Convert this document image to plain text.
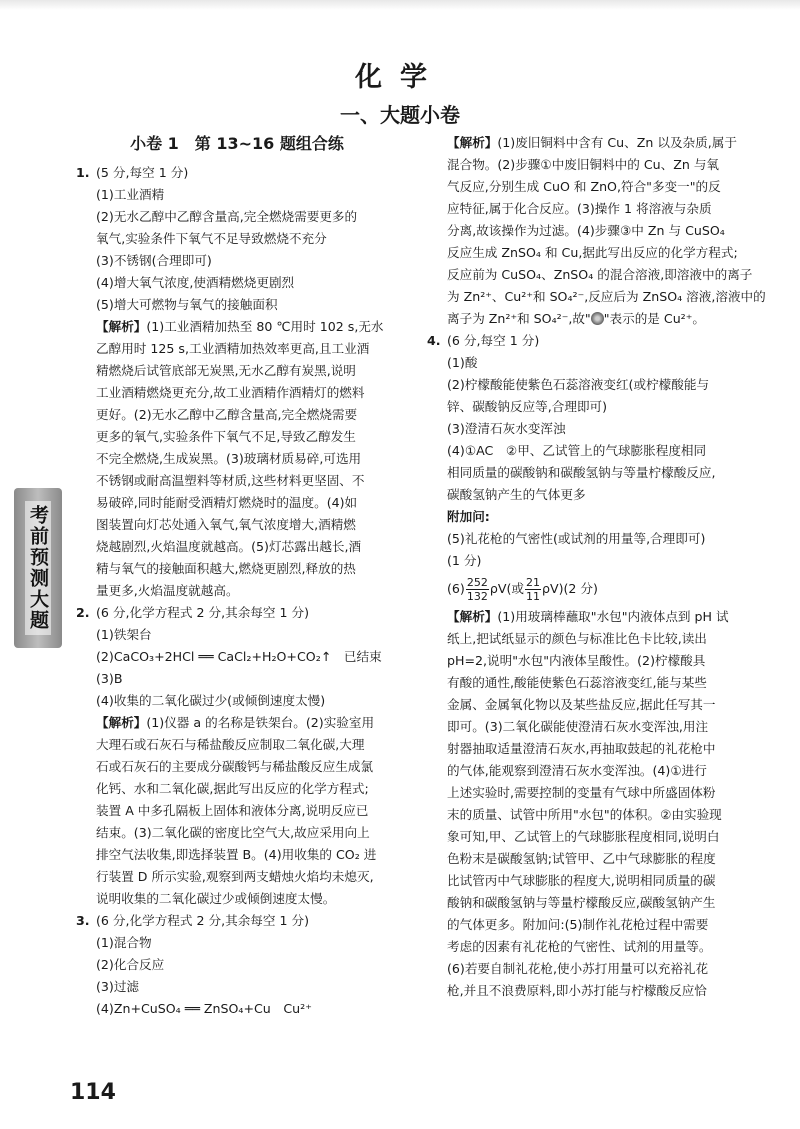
化学
一、大题小卷
考前预测大题
小卷 1　第 13~16 题组合练
1. (5 分,每空 1 分)
(1)工业酒精
(2)无水乙醇中乙醇含量高,完全燃烧需要更多的
氧气,实验条件下氧气不足导致燃烧不充分
(3)不锈钢(合理即可)
(4)增大氧气浓度,使酒精燃烧更剧烈
(5)增大可燃物与氧气的接触面积
【解析】(1)工业酒精加热至 80 ℃用时 102 s,无水
乙醇用时 125 s,工业酒精加热效率更高,且工业酒
精燃烧后试管底部无炭黑,无水乙醇有炭黑,说明
工业酒精燃烧更充分,故工业酒精作酒精灯的燃料
更好。(2)无水乙醇中乙醇含量高,完全燃烧需要
更多的氧气,实验条件下氧气不足,导致乙醇发生
不完全燃烧,生成炭黑。(3)玻璃材质易碎,可选用
不锈钢或耐高温塑料等材质,这些材料更坚固、不
易破碎,同时能耐受酒精灯燃烧时的温度。(4)如
图装置向灯芯处通入氧气,氧气浓度增大,酒精燃
烧越剧烈,火焰温度就越高。(5)灯芯露出越长,酒
精与氧气的接触面积越大,燃烧更剧烈,释放的热
量更多,火焰温度就越高。
2. (6 分,化学方程式 2 分,其余每空 1 分)
(1)铁架台
(2)CaCO₃+2HCl ══ CaCl₂+H₂O+CO₂↑　已结束
(3)B
(4)收集的二氧化碳过少(或倾倒速度太慢)
【解析】(1)仪器 a 的名称是铁架台。(2)实验室用
大理石或石灰石与稀盐酸反应制取二氧化碳,大理
石或石灰石的主要成分碳酸钙与稀盐酸反应生成氯
化钙、水和二氧化碳,据此写出反应的化学方程式;
装置 A 中多孔隔板上固体和液体分离,说明反应已
结束。(3)二氧化碳的密度比空气大,故应采用向上
排空气法收集,即选择装置 B。(4)用收集的 CO₂ 进
行装置 D 所示实验,观察到两支蜡烛火焰均未熄灭,
说明收集的二氧化碳过少或倾倒速度太慢。
3. (6 分,化学方程式 2 分,其余每空 1 分)
(1)混合物
(2)化合反应
(3)过滤
(4)Zn+CuSO₄ ══ ZnSO₄+Cu　Cu²⁺
【解析】(1)废旧铜料中含有 Cu、Zn 以及杂质,属于
混合物。(2)步骤①中废旧铜料中的 Cu、Zn 与氧
气反应,分别生成 CuO 和 ZnO,符合"多变一"的反
应特征,属于化合反应。(3)操作 1 将溶液与杂质
分离,故该操作为过滤。(4)步骤③中 Zn 与 CuSO₄
反应生成 ZnSO₄ 和 Cu,据此写出反应的化学方程式;
反应前为 CuSO₄、ZnSO₄ 的混合溶液,即溶液中的离子
为 Zn²⁺、Cu²⁺和 SO₄²⁻,反应后为 ZnSO₄ 溶液,溶液中的
离子为 Zn²⁺和 SO₄²⁻,故" "表示的是 Cu²⁺。
4. (6 分,每空 1 分)
(1)酸
(2)柠檬酸能使紫色石蕊溶液变红(或柠檬酸能与
锌、碳酸钠反应等,合理即可)
(3)澄清石灰水变浑浊
(4)①AC　②甲、乙试管上的气球膨胀程度相同
相同质量的碳酸钠和碳酸氢钠与等量柠檬酸反应,
碳酸氢钠产生的气体更多
附加问:
(5)礼花枪的气密性(或试剂的用量等,合理即可)
(1 分)
$(6) \frac{252}{132} \rho V$(或 $\frac{21}{11} \rho V)(2$ 分)
【解析】(1)用玻璃棒蘸取"水包"内液体点到 pH 试
纸上,把试纸显示的颜色与标准比色卡比较,读出
pH=2,说明"水包"内液体呈酸性。(2)柠檬酸具
有酸的通性,酸能使紫色石蕊溶液变红,能与某些
金属、金属氧化物以及某些盐反应,据此任写其一
即可。(3)二氧化碳能使澄清石灰水变浑浊,用注
射器抽取适量澄清石灰水,再抽取鼓起的礼花枪中
的气体,能观察到澄清石灰水变浑浊。(4)①进行
上述实验时,需要控制的变量有气球中所盛固体粉
末的质量、试管中所用"水包"的体积。②由实验现
象可知,甲、乙试管上的气球膨胀程度相同,说明白
色粉末是碳酸氢钠;试管甲、乙中气球膨胀的程度
比试管丙中气球膨胀的程度大,说明相同质量的碳
酸钠和碳酸氢钠与等量柠檬酸反应,碳酸氢钠产生
的气体更多。附加问:(5)制作礼花枪过程中需要
考虑的因素有礼花枪的气密性、试剂的用量等。
(6)若要自制礼花枪,使小苏打用量可以充裕礼花
枪,并且不浪费原料,即小苏打能与柠檬酸反应恰
114
